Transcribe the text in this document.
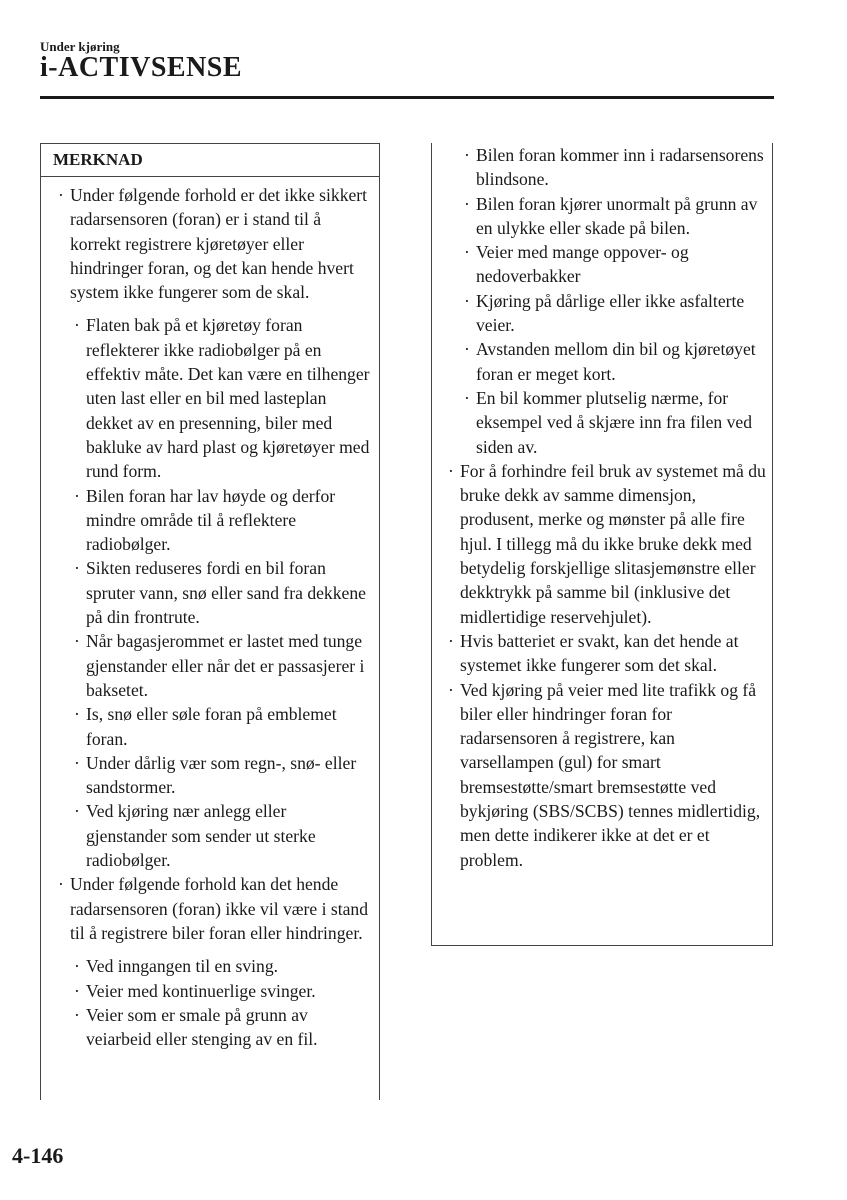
Under kjøring
i-ACTIVSENSE
MERKNAD

· Under følgende forhold er det ikke sikkert radarsensoren (foran) er i stand til å korrekt registrere kjøretøyer eller hindringer foran, og det kan hende hvert system ikke fungerer som de skal.

· Flaten bak på et kjøretøy foran reflekterer ikke radiobølger på en effektiv måte. Det kan være en tilhenger uten last eller en bil med lasteplan dekket av en presenning, biler med bakluke av hard plast og kjøretøyer med rund form.

· Bilen foran har lav høyde og derfor mindre område til å reflektere radiobølger.

· Sikten reduseres fordi en bil foran spruter vann, snø eller sand fra dekkene på din frontrute.

· Når bagasjerommet er lastet med tunge gjenstander eller når det er passasjerer i baksetet.

· Is, snø eller søle foran på emblemet foran.

· Under dårlig vær som regn-, snø- eller sandstormer.

· Ved kjøring nær anlegg eller gjenstander som sender ut sterke radiobølger.

· Under følgende forhold kan det hende radarsensoren (foran) ikke vil være i stand til å registrere biler foran eller hindringer.

· Ved inngangen til en sving.

· Veier med kontinuerlige svinger.

· Veier som er smale på grunn av veiarbeid eller stenging av en fil.

· Bilen foran kommer inn i radarsensorens blindsone.

· Bilen foran kjører unormalt på grunn av en ulykke eller skade på bilen.

· Veier med mange oppover- og nedoverbakker

· Kjøring på dårlige eller ikke asfalterte veier.

· Avstanden mellom din bil og kjøretøyet foran er meget kort.

· En bil kommer plutselig nærme, for eksempel ved å skjære inn fra filen ved siden av.

· For å forhindre feil bruk av systemet må du bruke dekk av samme dimensjon, produsent, merke og mønster på alle fire hjul. I tillegg må du ikke bruke dekk med betydelig forskjellige slitasjemønstre eller dekktrykk på samme bil (inklusive det midlertidige reservehjulet).

· Hvis batteriet er svakt, kan det hende at systemet ikke fungerer som det skal.

· Ved kjøring på veier med lite trafikk og få biler eller hindringer foran for radarsensoren å registrere, kan varsellampen (gul) for smart bremsestøtte/smart bremsestøtte ved bykjøring (SBS/SCBS) tennes midlertidig, men dette indikerer ikke at det er et problem.

4-146
